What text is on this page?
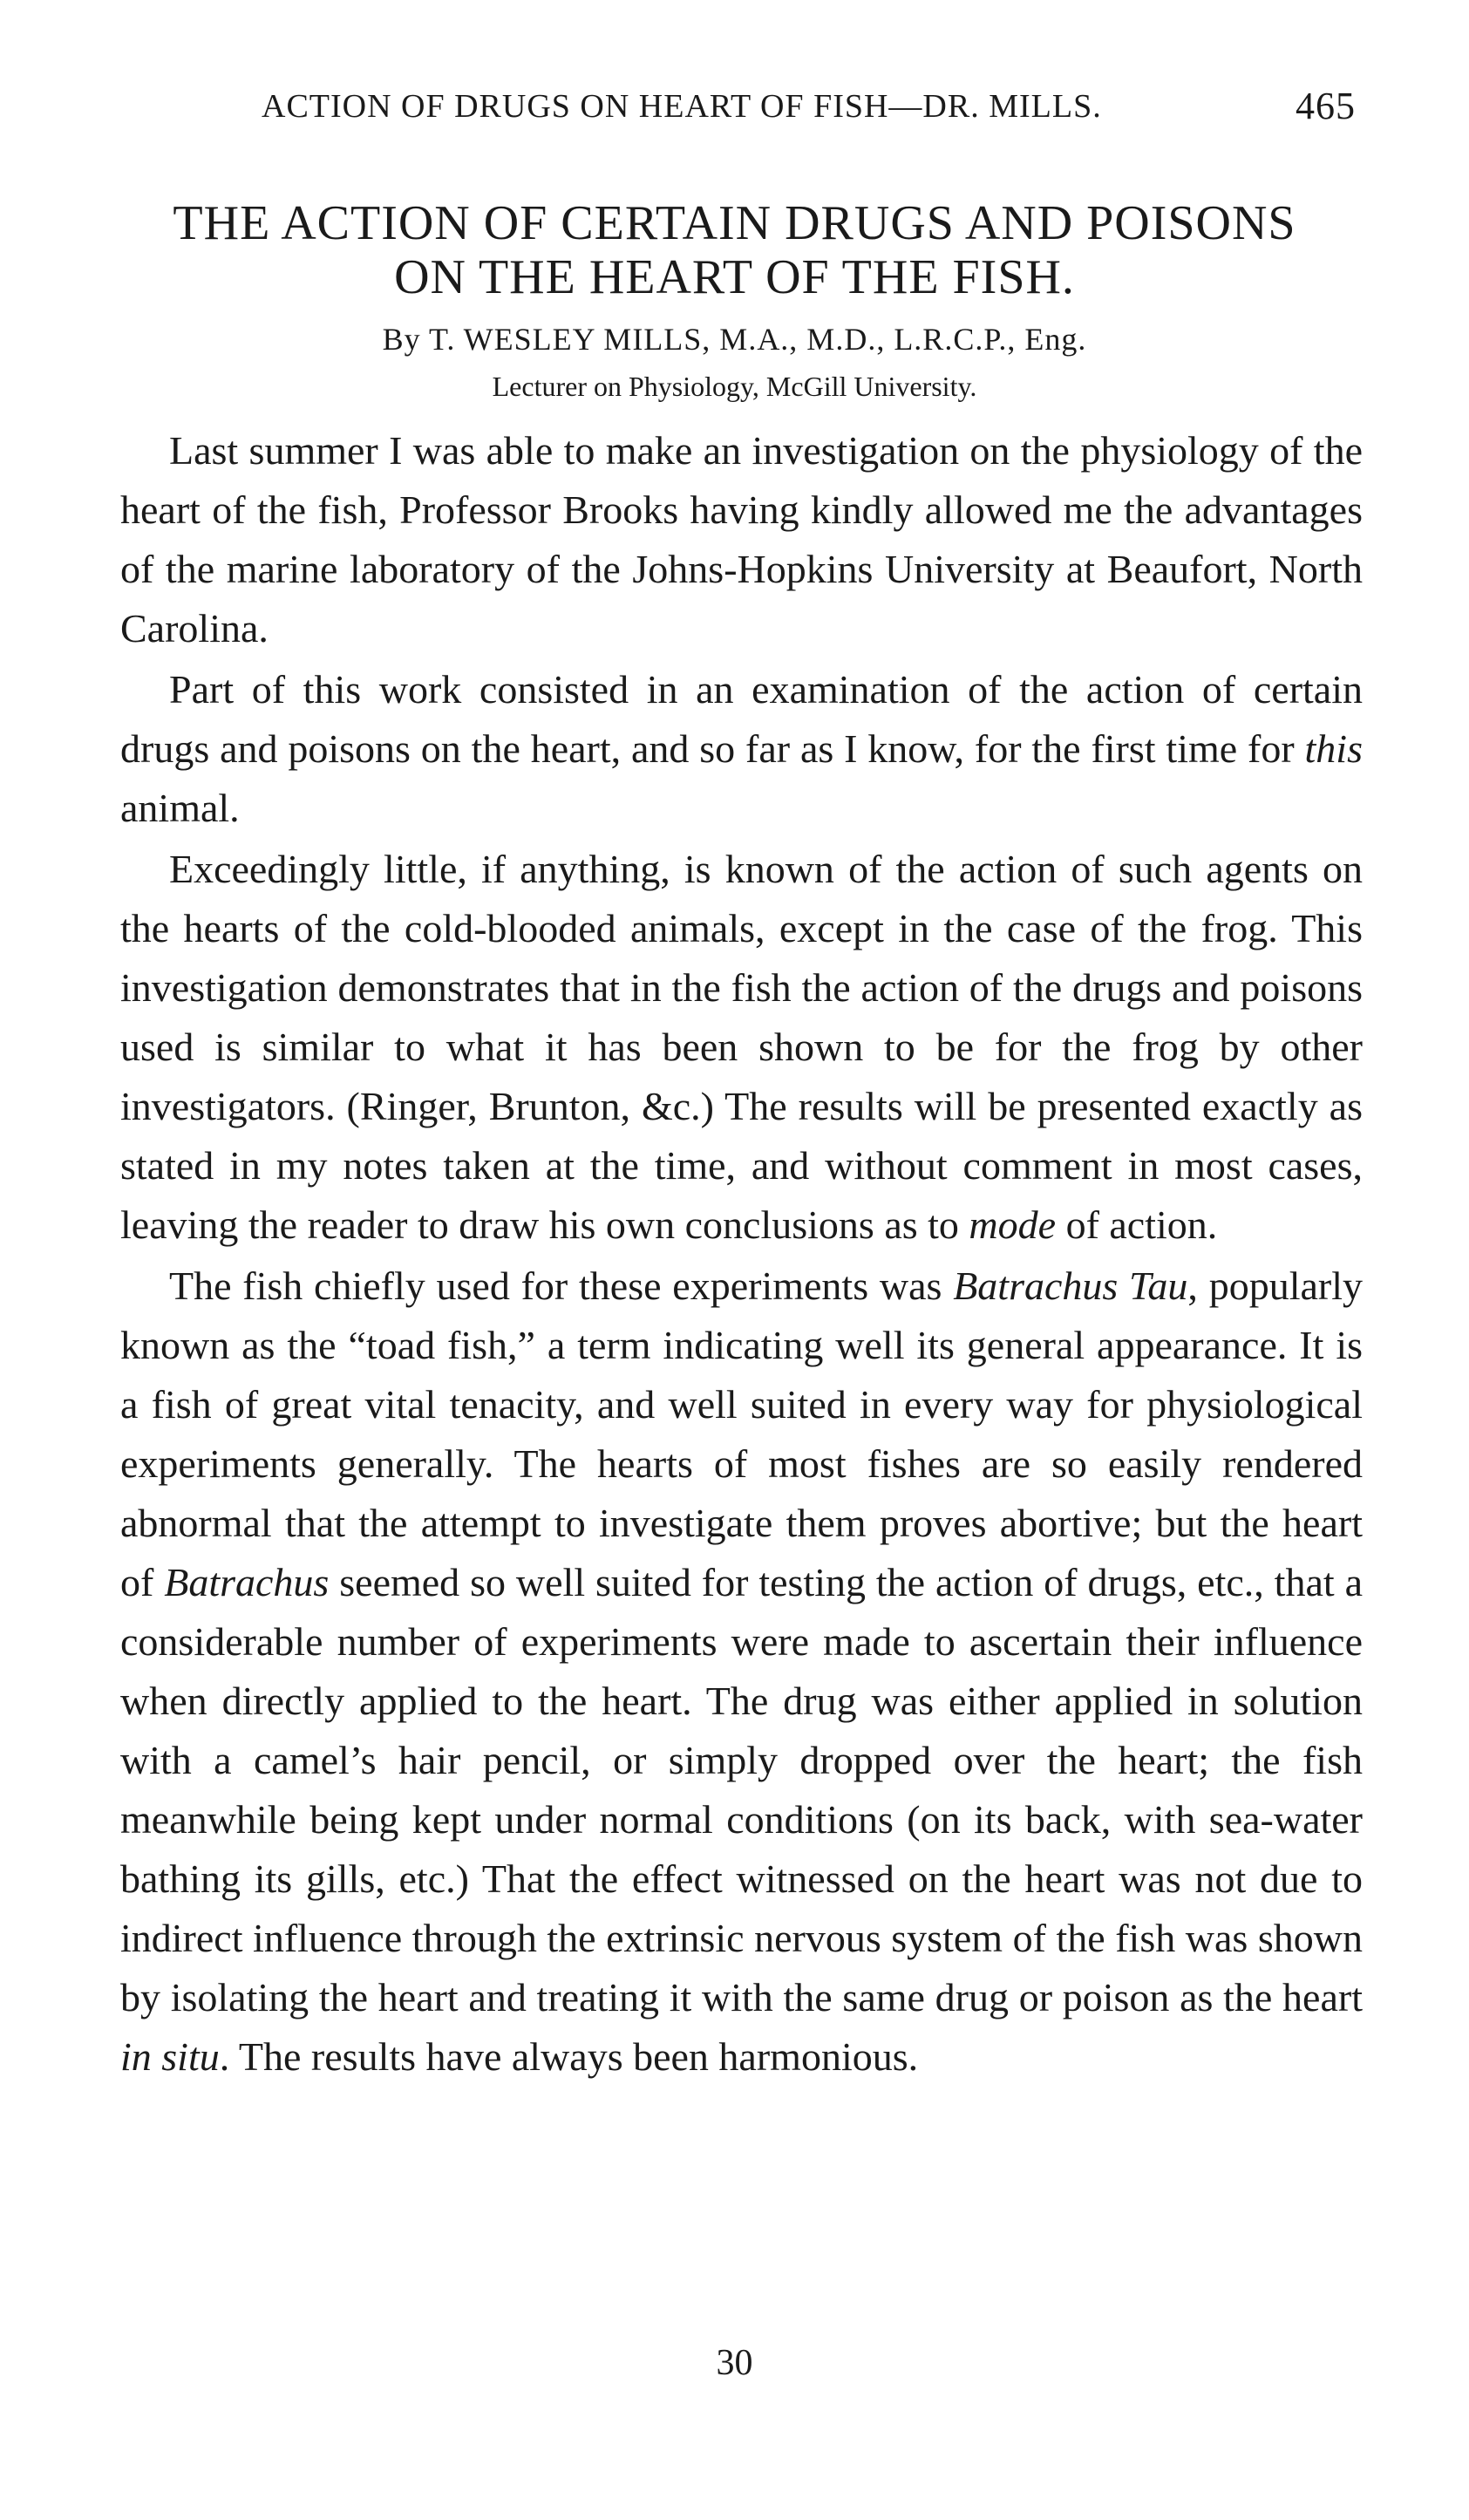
ACTION OF DRUGS ON HEART OF FISH—DR. MILLS.	465
THE ACTION OF CERTAIN DRUGS AND POISONS
ON THE HEART OF THE FISH.
By T. WESLEY MILLS, M.A., M.D., L.R.C.P., Eng.
Lecturer on Physiology, McGill University.

Last summer I was able to make an investigation on the physiology of the heart of the fish, Professor Brooks having kindly allowed me the advantages of the marine laboratory of the Johns-Hopkins University at Beaufort, North Carolina.

Part of this work consisted in an examination of the action of certain drugs and poisons on the heart, and so far as I know, for the first time for this animal.

Exceedingly little, if anything, is known of the action of such agents on the hearts of the cold-blooded animals, except in the case of the frog. This investigation demonstrates that in the fish the action of the drugs and poisons used is similar to what it has been shown to be for the frog by other investigators. (Ringer, Brunton, &c.) The results will be presented exactly as stated in my notes taken at the time, and without comment in most cases, leaving the reader to draw his own conclusions as to mode of action.

The fish chiefly used for these experiments was Batrachus Tau, popularly known as the “toad fish,” a term indicating well its general appearance. It is a fish of great vital tenacity, and well suited in every way for physiological experiments generally. The hearts of most fishes are so easily rendered abnormal that the attempt to investigate them proves abortive; but the heart of Batrachus seemed so well suited for testing the action of drugs, etc., that a considerable number of experiments were made to ascertain their influence when directly applied to the heart. The drug was either applied in solution with a camel’s hair pencil, or simply dropped over the heart; the fish meanwhile being kept under normal conditions (on its back, with sea-water bathing its gills, etc.) That the effect witnessed on the heart was not due to indirect influence through the extrinsic nervous system of the fish was shown by isolating the heart and treating it with the same drug or poison as the heart in situ. The results have always been harmonious.

30
